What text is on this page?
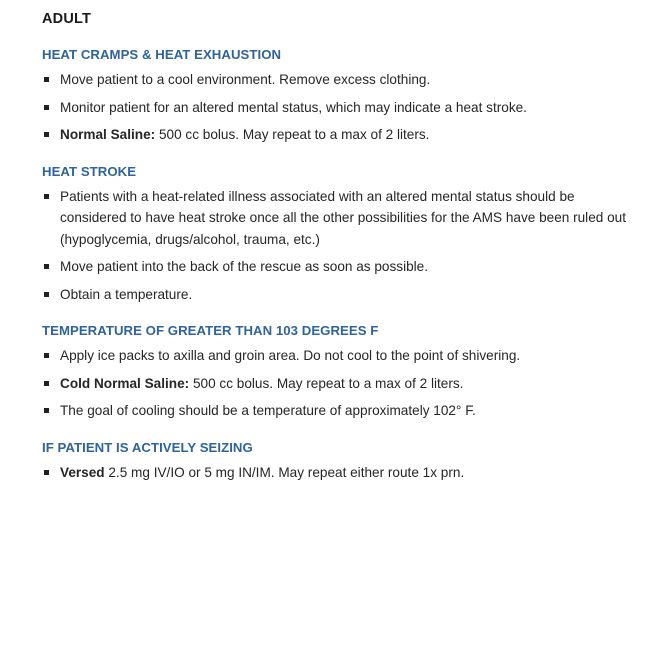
ADULT
HEAT CRAMPS & HEAT EXHAUSTION
Move patient to a cool environment. Remove excess clothing.
Monitor patient for an altered mental status, which may indicate a heat stroke.
Normal Saline: 500 cc bolus. May repeat to a max of 2 liters.
HEAT STROKE
Patients with a heat-related illness associated with an altered mental status should be considered to have heat stroke once all the other possibilities for the AMS have been ruled out (hypoglycemia, drugs/alcohol, trauma, etc.)
Move patient into the back of the rescue as soon as possible.
Obtain a temperature.
TEMPERATURE OF GREATER THAN 103 DEGREES F
Apply ice packs to axilla and groin area. Do not cool to the point of shivering.
Cold Normal Saline: 500 cc bolus. May repeat to a max of 2 liters.
The goal of cooling should be a temperature of approximately 102° F.
IF PATIENT IS ACTIVELY SEIZING
Versed 2.5 mg IV/IO or 5 mg IN/IM. May repeat either route 1x prn.
